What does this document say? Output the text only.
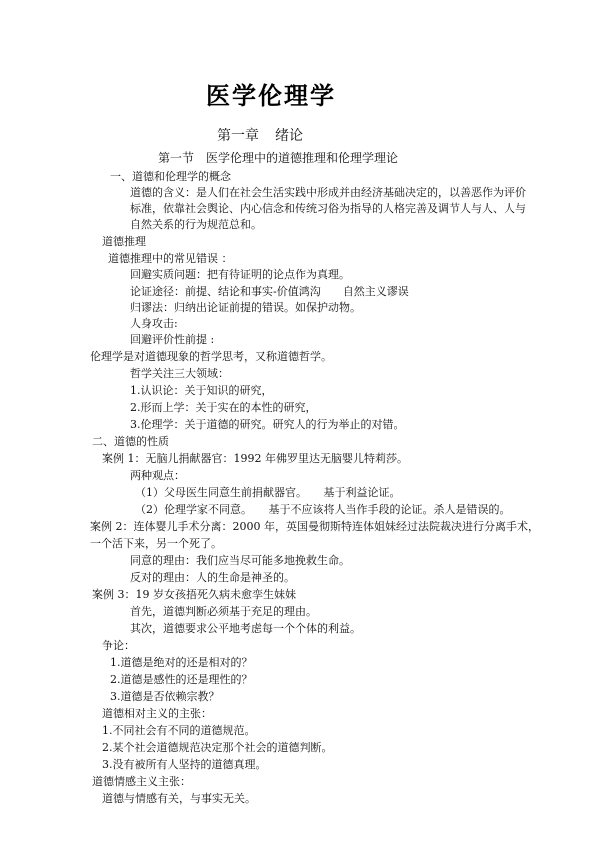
医学伦理学
第一章 绪论
第一节　医学伦理中的道德推理和伦理学理论
一、道德和伦理学的概念
道德的含义：是人们在社会生活实践中形成并由经济基础决定的，以善恶作为评价
标准，依靠社会舆论、内心信念和传统习俗为指导的人格完善及调节人与人、人与
自然关系的行为规范总和。
道德推理
道德推理中的常见错误 ：
回避实质问题：把有待证明的论点作为真理。
论证途径：前提、结论和事实-价值鸿沟　　自然主义谬误
归谬法：归纳出论证前提的错误。如保护动物。
人身攻击:
回避评价性前提 :
伦理学是对道德现象的哲学思考，又称道德哲学。
哲学关注三大领域：
1.认识论：关于知识的研究，
2.形而上学：关于实在的本性的研究，
3.伦理学：关于道德的研究。研究人的行为举止的对错。
二、道德的性质
案例 1：无脑儿捐献器官：1992 年佛罗里达无脑婴儿特莉莎。
两种观点：
（1）父母医生同意生前捐献器官。　　基于利益论证。
（2）伦理学家不同意。　　基于不应该将人当作手段的论证。杀人是错误的。
案例 2：连体婴儿手术分离：2000 年，英国曼彻斯特连体姐妹经过法院裁决进行分离手术，
一个活下来，另一个死了。
同意的理由：我们应当尽可能多地挽救生命。
反对的理由：人的生命是神圣的。
案例 3：19 岁女孩捂死久病未愈孪生妹妹
首先，道德判断必须基于充足的理由。
其次，道德要求公平地考虑每一个个体的利益。
争论：
1.道德是绝对的还是相对的？
2.道德是感性的还是理性的？
3.道德是否依赖宗教？
道德相对主义的主张：
1.不同社会有不同的道德规范。
2.某个社会道德规范决定那个社会的道德判断。
3.没有被所有人坚持的道德真理。
道德情感主义主张：
道德与情感有关，与事实无关。
